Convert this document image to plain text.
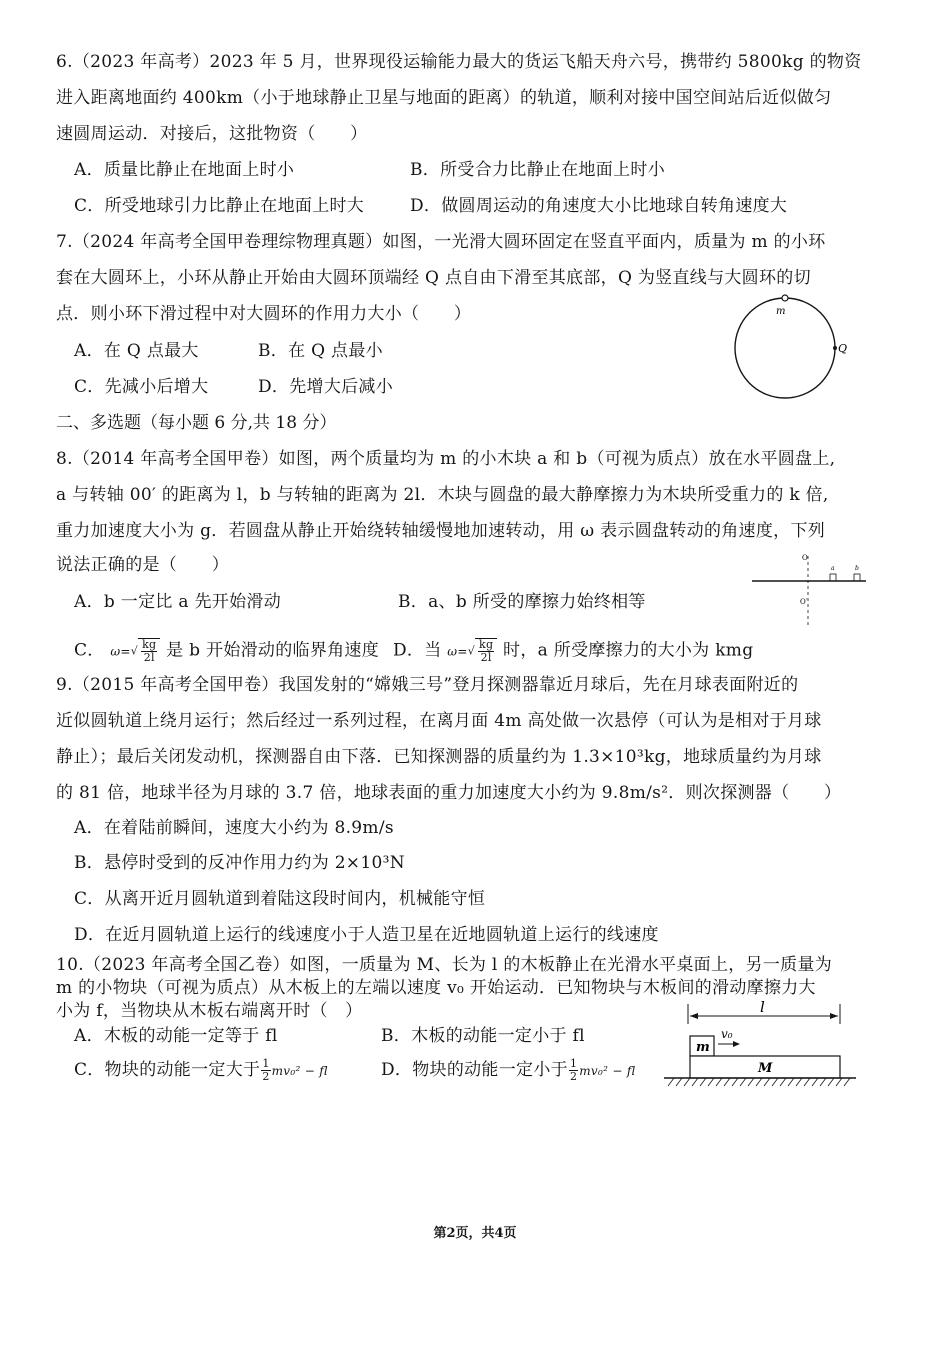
6.（2023 年高考）2023 年 5 月，世界现役运输能力最大的货运飞船天舟六号，携带约 5800kg 的物资
进入距离地面约 400km（小于地球静止卫星与地面的距离）的轨道，顺利对接中国空间站后近似做匀
速圆周运动．对接后，这批物资（　　）
A．质量比静止在地面上时小	B．所受合力比静止在地面上时小
C．所受地球引力比静止在地面上时大	D．做圆周运动的角速度大小比地球自转角速度大
7.（2024 年高考全国甲卷理综物理真题）如图，一光滑大圆环固定在竖直平面内，质量为 m 的小环
套在大圆环上，小环从静止开始由大圆环顶端经 Q 点自由下滑至其底部，Q 为竖直线与大圆环的切
点．则小环下滑过程中对大圆环的作用力大小（　　）
A．在 Q 点最大	B．在 Q 点最小
C．先减小后增大	D．先增大后减小
m
Q
二、多选题（每小题 6 分,共 18 分）
8.（2014 年高考全国甲卷）如图，两个质量均为 m 的小木块 a 和 b（可视为质点）放在水平圆盘上,
a 与转轴 00′ 的距离为 l，b 与转轴的距离为 2l．木块与圆盘的最大静摩擦力为木块所受重力的 k 倍,
重力加速度大小为 g．若圆盘从静止开始绕转轴缓慢地加速转动，用 ω 表示圆盘转动的角速度，下列
说法正确的是（　　）	O
O′
a	b
A．b 一定比 a 先开始滑动	B．a、b 所受的摩擦力始终相等
C． $\omega=√ \frac{kg}{2l}$ 是 b 开始滑动的临界角速度 D．当 $\omega=√ \frac{kg}{2l}$ 时，a 所受摩擦力的大小为 kmg
9.（2015 年高考全国甲卷）我国发射的“嫦娥三号”登月探测器靠近月球后，先在月球表面附近的
近似圆轨道上绕月运行；然后经过一系列过程，在离月面 4m 高处做一次悬停（可认为是相对于月球
静止）；最后关闭发动机，探测器自由下落．已知探测器的质量约为 1.3×10³kg，地球质量约为月球
的 81 倍，地球半径为月球的 3.7 倍，地球表面的重力加速度大小约为 9.8m/s²．则次探测器（　　）
A．在着陆前瞬间，速度大小约为 8.9m/s
B．悬停时受到的反冲作用力约为 2×10³N
C．从离开近月圆轨道到着陆这段时间内，机械能守恒
D．在近月圆轨道上运行的线速度小于人造卫星在近地圆轨道上运行的线速度
10.（2023 年高考全国乙卷）如图，一质量为 M、长为 l 的木板静止在光滑水平桌面上，另一质量为
m 的小物块（可视为质点）从木板上的左端以速度 v₀ 开始运动．已知物块与木板间的滑动摩擦力大
小为 f，当物块从木板右端离开时（　）
A．木板的动能一定等于 fl	B．木板的动能一定小于 fl
C．物块的动能一定大于 $\frac{1}{2} mv_0^2$ − fl	D．物块的动能一定小于 $\frac{1}{2} mv_0^2$ − fl
l
m
v₀
M
第2页，共4页
